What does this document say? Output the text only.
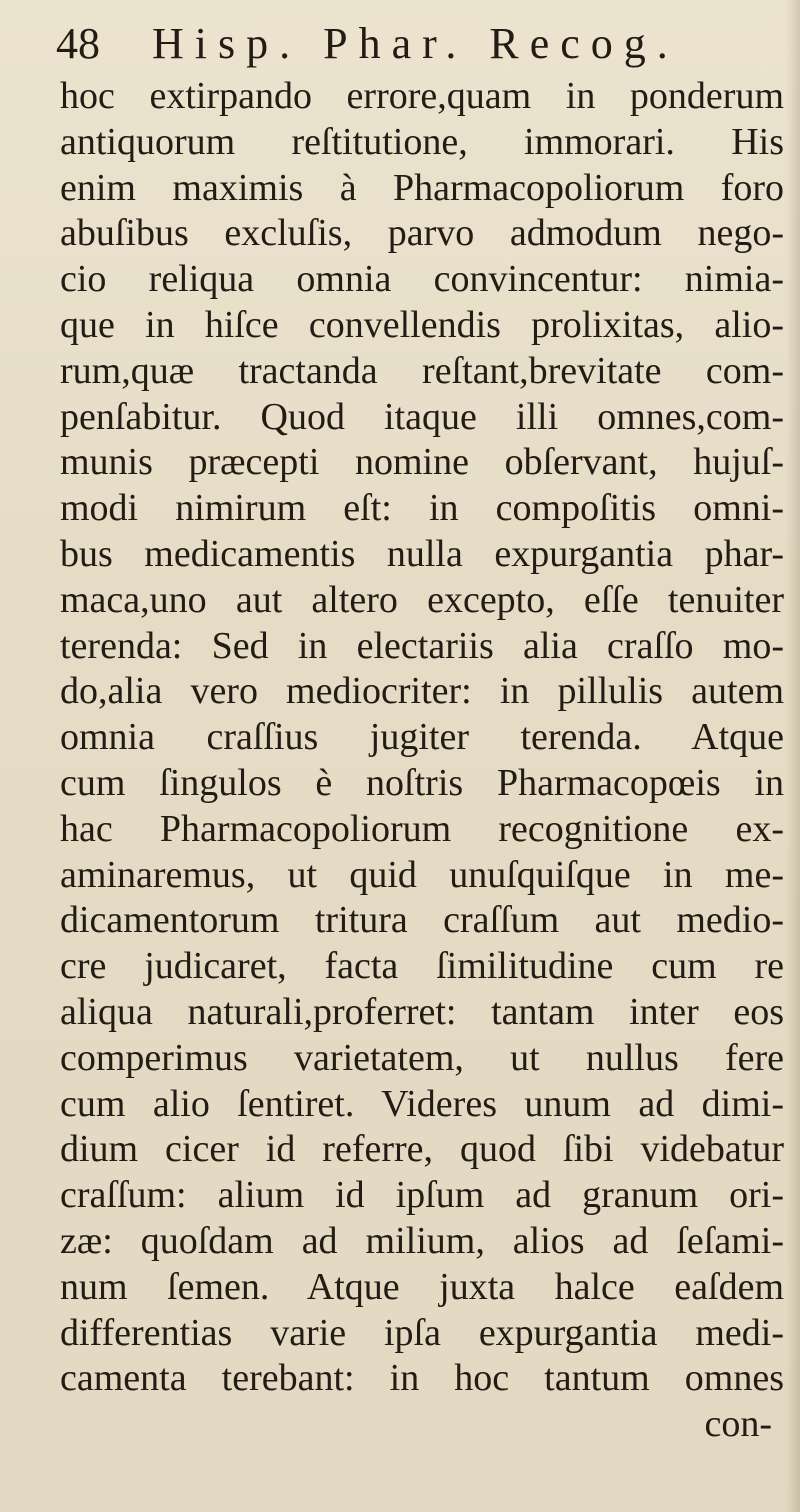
48 Hisp. Phar. Recog.
hoc extirpando errore,quam in ponderum
antiquorum reſtitutione, immorari. His
enim maximis à Pharmacopoliorum foro
abuſibus excluſis, parvo admodum nego-
cio reliqua omnia convincentur: nimia-
que in hiſce convellendis prolixitas, alio-
rum,quæ tractanda reſtant,brevitate com-
penſabitur. Quod itaque illi omnes,com-
munis præcepti nomine obſervant, hujuſ-
modi nimirum eſt: in compoſitis omni-
bus medicamentis nulla expurgantia phar-
maca,uno aut altero excepto, eſſe tenuiter
terenda: Sed in electariis alia craſſo mo-
do,alia vero mediocriter: in pillulis autem
omnia craſſius jugiter terenda. Atque
cum ſingulos è noſtris Pharmacopœis in
hac Pharmacopoliorum recognitione ex-
aminaremus, ut quid unuſquiſque in me-
dicamentorum tritura craſſum aut medio-
cre judicaret, facta ſimilitudine cum re
aliqua naturali,proferret: tantam inter eos
comperimus varietatem, ut nullus fere
cum alio ſentiret. Videres unum ad dimi-
dium cicer id referre, quod ſibi videbatur
craſſum: alium id ipſum ad granum ori-
zæ: quoſdam ad milium, alios ad ſeſami-
num ſemen. Atque juxta halce eaſdem
differentias varie ipſa expurgantia medi-
camenta terebant: in hoc tantum omnes
con-
